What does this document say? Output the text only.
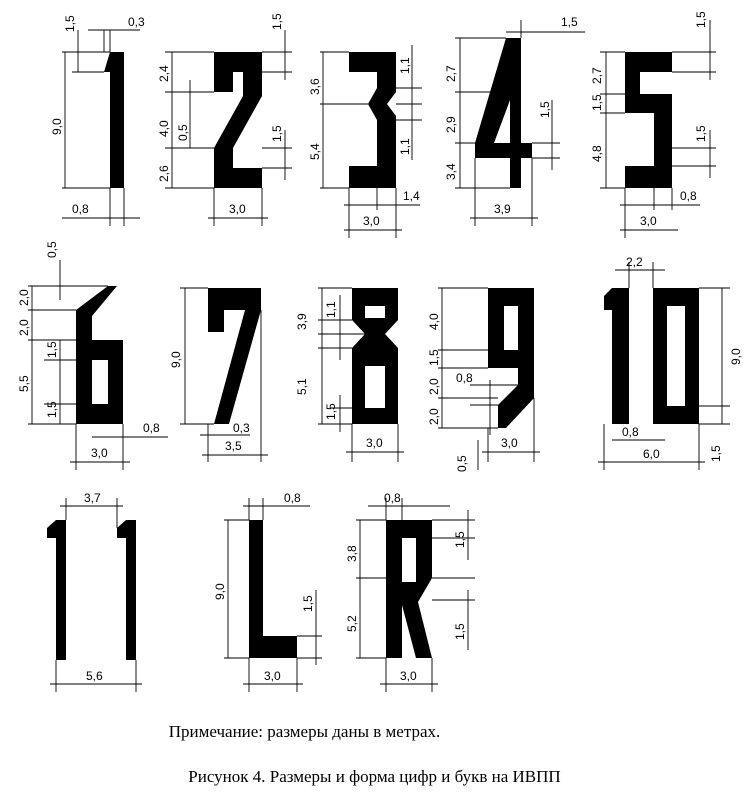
1,5	0,3
9,0
0,8
1,5
2,4
4,0 0,5
2,6
1,5
3,0
3,6
1,1
5,4	1,1
1,4
3,0
1,5
2,7
2,9
3,4
1,5
3,9
1,5
2,7
1,5
4,8
1,5
0,8
3,0
0,5
2,0
2,0
1,5
5,5
1,5
0,8
3,0
9,0
0,3
3,5
3,9
1,1
5,1
1,5
3,0
4,0
1,5
2,0
0,8
2,0
0,5
3,0
2,2
9,0
0,8
1,5
6,0
3,7
5,6
0,8
9,0
1,5
3,0
0,8
3,8
1,5
5,2	1,5
3,0
Примечание: размеры даны в метрах.
Рисунок 4. Размеры и форма цифр и букв на ИВПП
